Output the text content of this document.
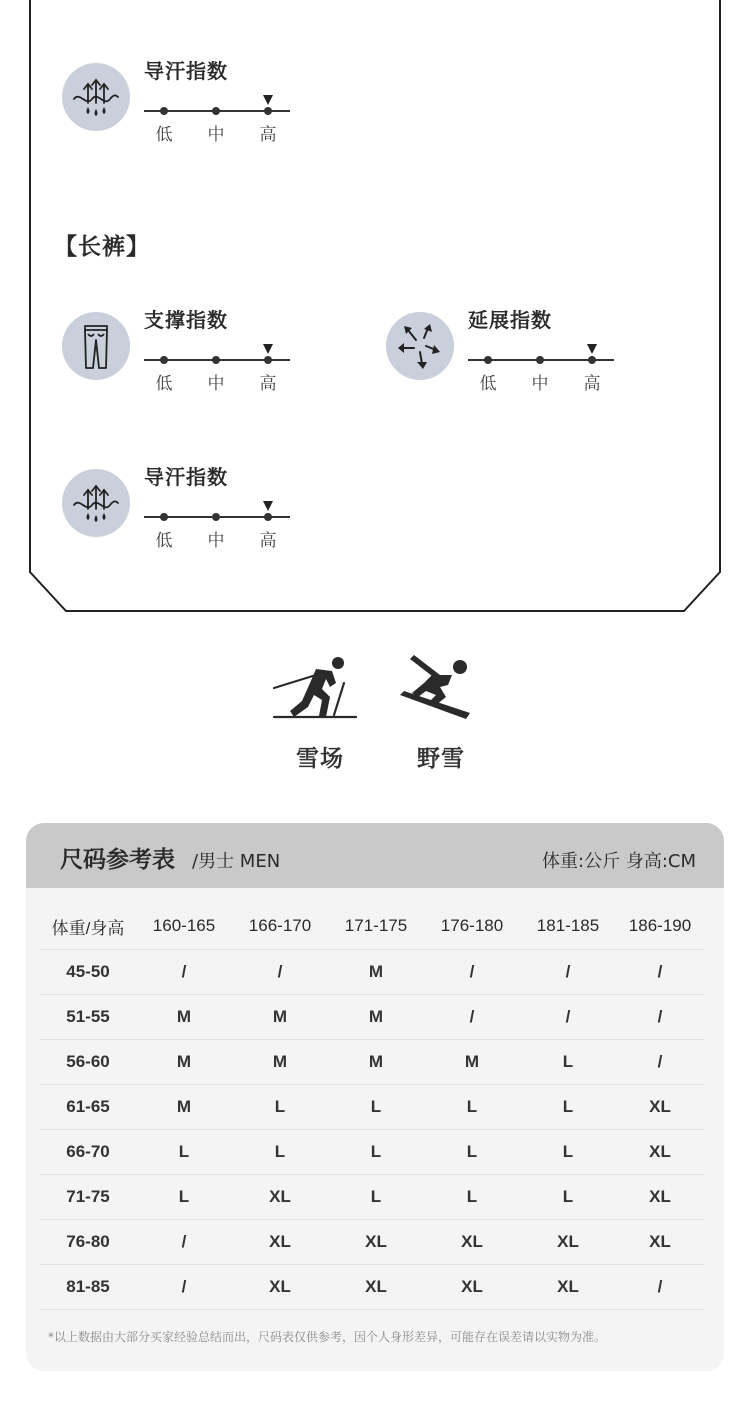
导汗指数
低 中 高
【长裤】
支撑指数
低 中 高
延展指数
低 中 高
导汗指数
低 中 高
雪场	野雪
尺码参考表 /男士 MEN	体重:公斤 身高:CM
体重/身高	160-165	166-170	171-175	176-180	181-185	186-190
45-50	/	/	M	/	/	/
51-55	M	M	M	/	/	/
56-60	M	M	M	M	L	/
61-65	M	L	L	L	L	XL
66-70	L	L	L	L	L	XL
71-75	L	XL	L	L	L	XL
76-80	/	XL	XL	XL	XL	XL
81-85	/	XL	XL	XL	XL	/
*以上数据由大部分买家经验总结而出，尺码表仅供参考，因个人身形差异，可能存在误差请以实物为准。
